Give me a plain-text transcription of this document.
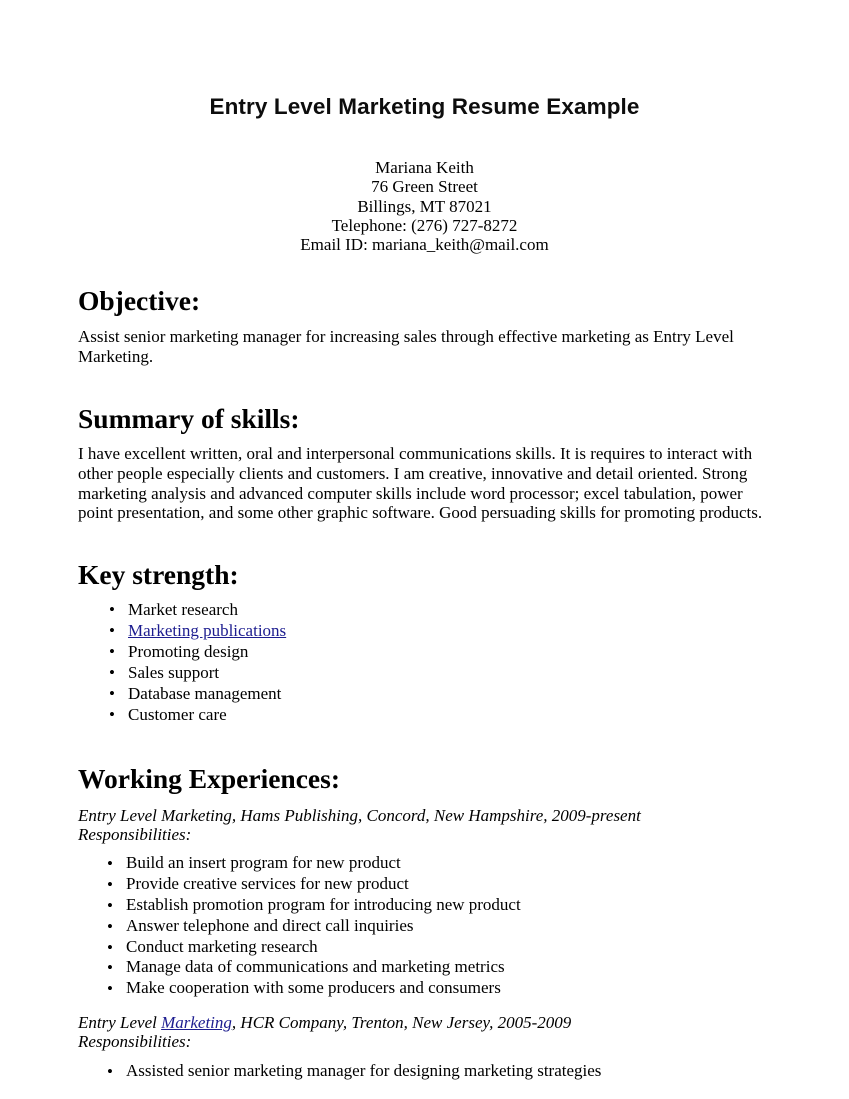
Entry Level Marketing Resume Example
Mariana Keith
76 Green Street
Billings, MT 87021
Telephone: (276) 727-8272
Email ID: mariana_keith@mail.com
Objective:

Assist senior marketing manager for increasing sales through effective marketing as Entry Level Marketing.

Summary of skills:

I have excellent written, oral and interpersonal communications skills. It is requires to interact with other people especially clients and customers. I am creative, innovative and detail oriented. Strong marketing analysis and advanced computer skills include word processor; excel tabulation, power point presentation, and some other graphic software. Good persuading skills for promoting products.

Key strength:
• Market research
• Marketing publications
• Promoting design
• Sales support
• Database management
• Customer care
Working Experiences:

Entry Level Marketing, Hams Publishing, Concord, New Hampshire, 2009-present

Responsibilities:

• Build an insert program for new product
• Provide creative services for new product
• Establish promotion program for introducing new product
• Answer telephone and direct call inquiries
• Conduct marketing research
• Manage data of communications and marketing metrics
• Make cooperation with some producers and consumers

Entry Level Marketing, HCR Company, Trenton, New Jersey, 2005-2009

Responsibilities:

• Assisted senior marketing manager for designing marketing strategies
